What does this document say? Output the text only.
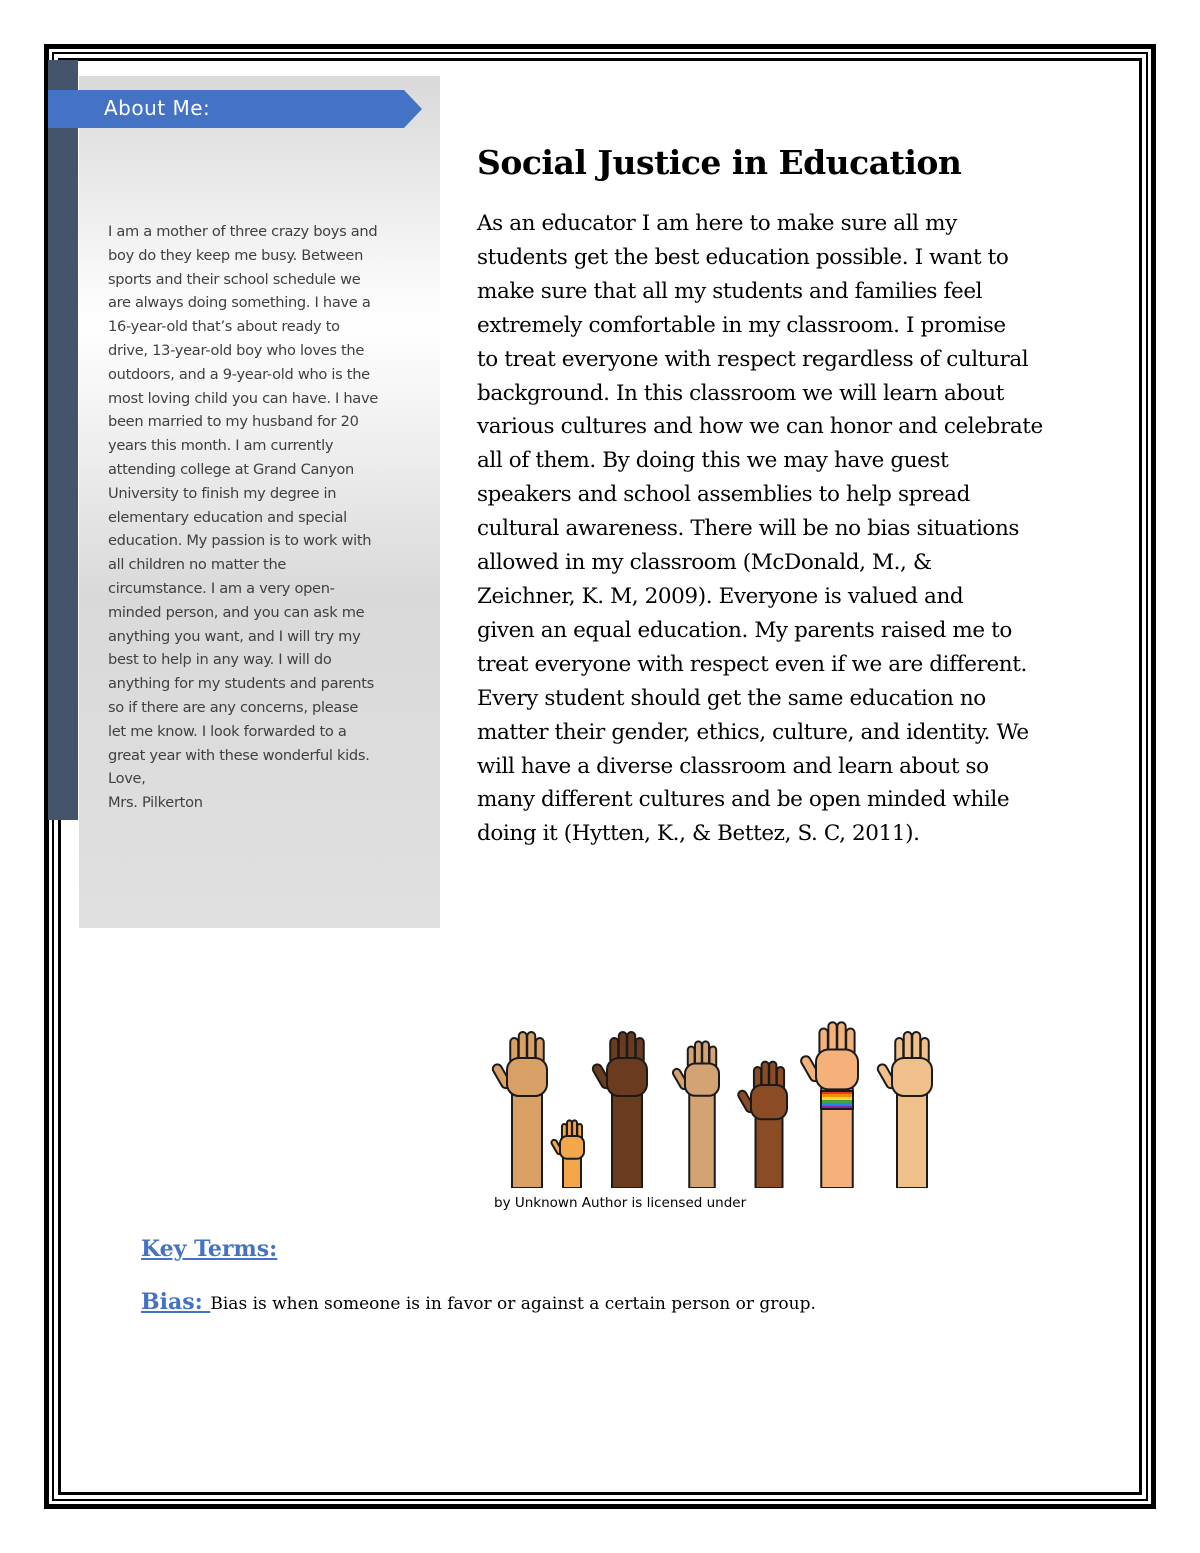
About Me:

I am a mother of three crazy boys and

boy do they keep me busy. Between

sports and their school schedule we

are always doing something. I have a

16-year-old that’s about ready to

drive, 13-year-old boy who loves the

outdoors, and a 9-year-old who is the

most loving child you can have. I have

been married to my husband for 20

years this month. I am currently

attending college at Grand Canyon

University to finish my degree in

elementary education and special

education. My passion is to work with

all children no matter the

circumstance. I am a very open-

minded person, and you can ask me

anything you want, and I will try my

best to help in any way. I will do

anything for my students and parents

so if there are any concerns, please

let me know. I look forwarded to a

great year with these wonderful kids.

Love,

Mrs. Pilkerton

Social Justice in Education
As an educator I am here to make sure all my
students get the best education possible. I want to
make sure that all my students and families feel
extremely comfortable in my classroom. I promise
to treat everyone with respect regardless of cultural
background. In this classroom we will learn about
various cultures and how we can honor and celebrate
all of them. By doing this we may have guest
speakers and school assemblies to help spread
cultural awareness. There will be no bias situations
allowed in my classroom (McDonald, M., &
Zeichner, K. M, 2009). Everyone is valued and
given an equal education. My parents raised me to
treat everyone with respect even if we are different.
Every student should get the same education no
matter their gender, ethics, culture, and identity. We
will have a diverse classroom and learn about so
many different cultures and be open minded while
doing it (Hytten, K., & Bettez, S. C, 2011).
by Unknown Author is licensed under
Key Terms:
Bias: Bias is when someone is in favor or against a certain person or group.
